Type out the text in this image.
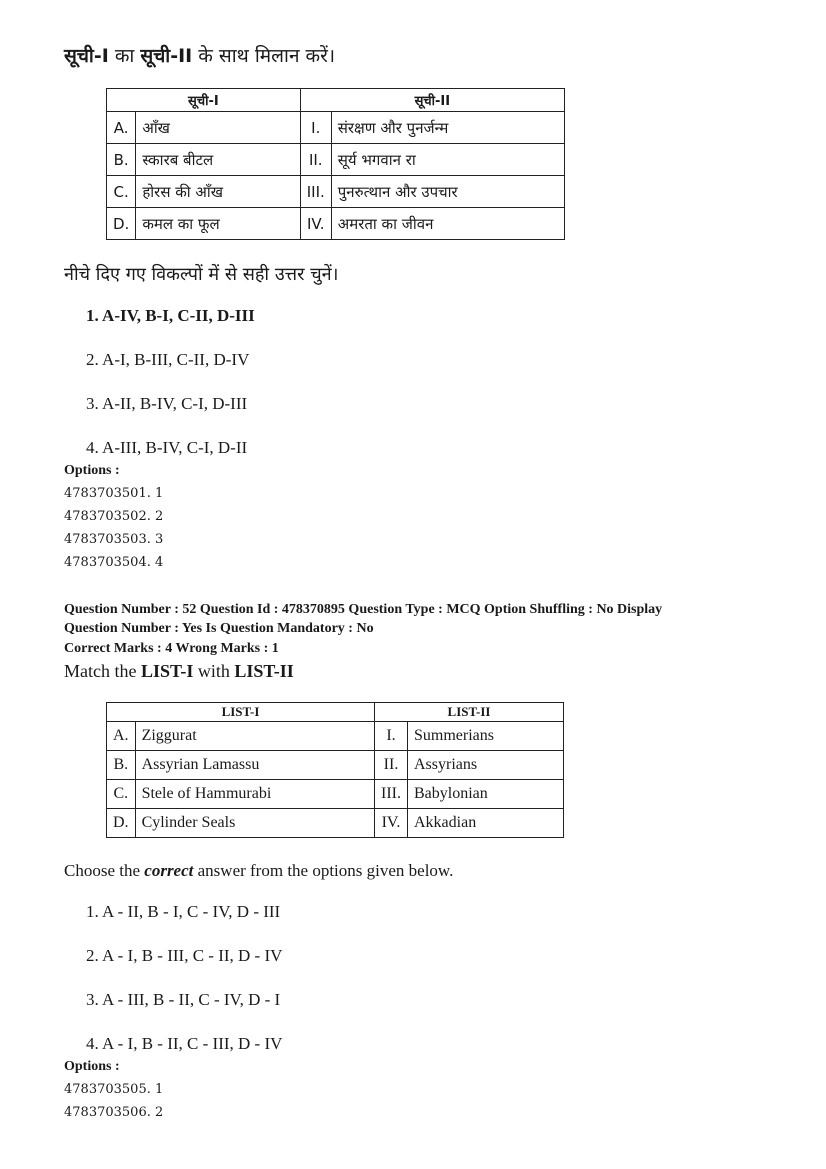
सूची-I का सूची-II के साथ मिलान करें।
सूची-I		सूची-II	
A.	आँख	I.	संरक्षण और पुनर्जन्म
B.	स्कारब बीटल	II.	सूर्य भगवान रा
C.	होरस की आँख	III.	पुनरुत्थान और उपचार
D.	कमल का फूल	IV.	अमरता का जीवन
नीचे दिए गए विकल्पों में से सही उत्तर चुनें।
1. A-IV, B-I, C-II, D-III
2. A-I, B-III, C-II, D-IV
3. A-II, B-IV, C-I, D-III
4. A-III, B-IV, C-I, D-II
Options :
4783703501. 1
4783703502. 2
4783703503. 3
4783703504. 4
Question Number : 52 Question Id : 478370895 Question Type : MCQ Option Shuffling : No Display
Question Number : Yes Is Question Mandatory : No
Correct Marks : 4 Wrong Marks : 1
Match the LIST-I with LIST-II
LIST-I		LIST-II	
A.	Ziggurat	I.	Summerians
B.	Assyrian Lamassu	II.	Assyrians
C.	Stele of Hammurabi	III.	Babylonian
D.	Cylinder Seals	IV.	Akkadian
Choose the correct answer from the options given below.
1. A - II, B - I, C - IV, D - III
2. A - I, B - III, C - II, D - IV
3. A - III, B - II, C - IV, D - I
4. A - I, B - II, C - III, D - IV
Options :
4783703505. 1
4783703506. 2
